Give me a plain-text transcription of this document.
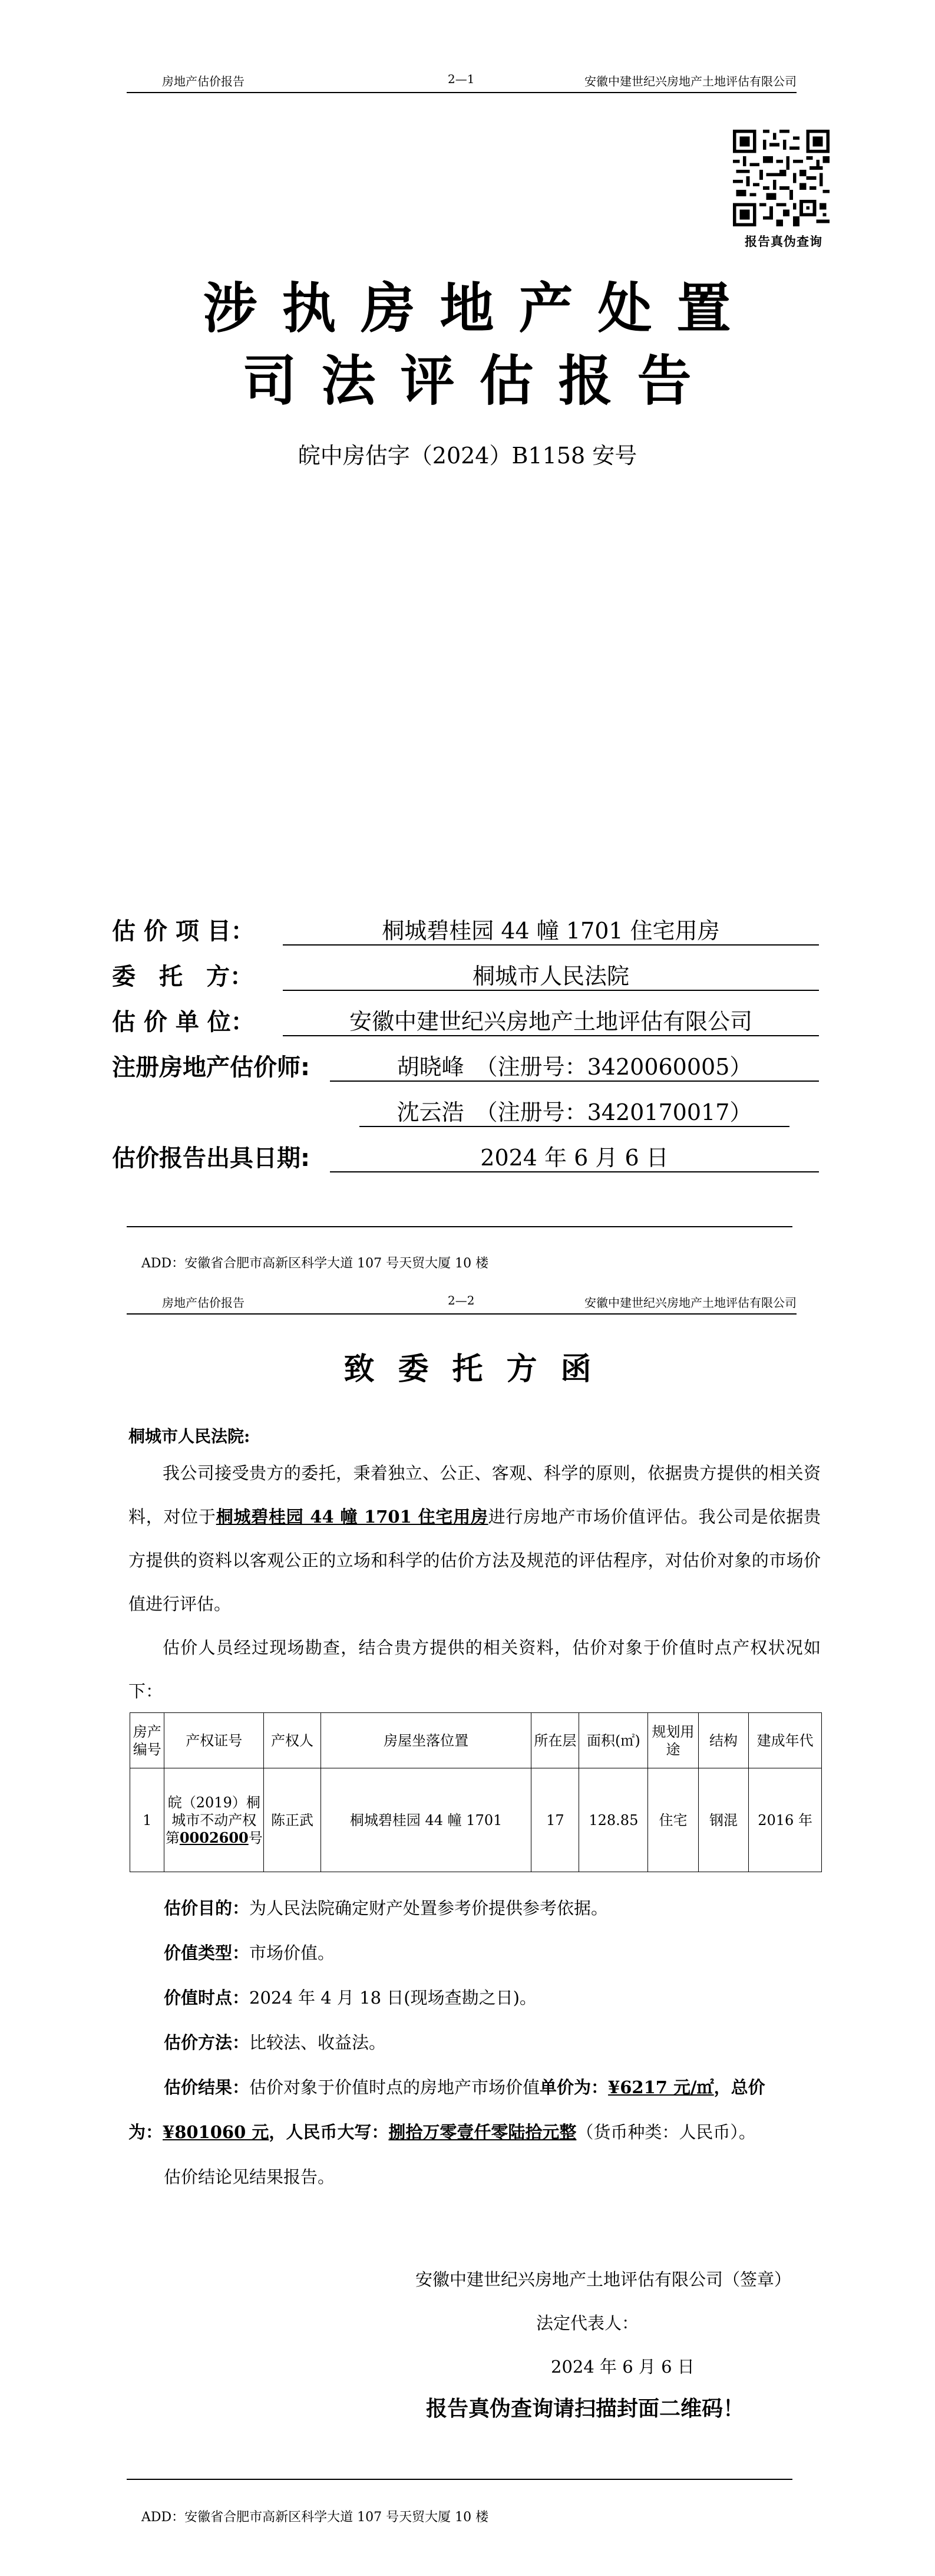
房地产估价报告	2—1	安徽中建世纪兴房地产土地评估有限公司
报告真伪查询
涉执房地产处置
司法评估报告
皖中房估字（2024）B1158 安号
估 价 项 目：	桐城碧桂园 44 幢 1701 住宅用房
委　托　方：	桐城市人民法院
估 价 单 位：	安徽中建世纪兴房地产土地评估有限公司
注册房地产估价师:	胡晓峰　（注册号：3420060005）
沈云浩　（注册号：3420170017）
估价报告出具日期:	2024 年 6 月 6 日
ADD：安徽省合肥市高新区科学大道 107 号天贸大厦 10 楼
房地产估价报告	2—2	安徽中建世纪兴房地产土地评估有限公司
致委托方函
桐城市人民法院:
我公司接受贵方的委托，秉着独立、公正、客观、科学的原则，依据贵方提供的相关资料，对位于桐城碧桂园 44 幢 1701 住宅用房进行房地产市场价值评估。我公司是依据贵方提供的资料以客观公正的立场和科学的估价方法及规范的评估程序，对估价对象的市场价值进行评估。
估价人员经过现场勘查，结合贵方提供的相关资料，估价对象于价值时点产权状况如下：
房产编号	产权证号	产权人	房屋坐落位置	所在层	面积(㎡)	规划用途	结构	建成年代
1	皖（2019）桐城市不动产权第0002600号	陈正武	桐城碧桂园 44 幢 1701	17	128.85	住宅	钢混	2016 年
估价目的：为人民法院确定财产处置参考价提供参考依据。
价值类型：市场价值。
价值时点：2024 年 4 月 18 日(现场查勘之日)。
估价方法：比较法、收益法。
估价结果：估价对象于价值时点的房地产市场价值单价为：¥6217 元/㎡，总价
为：¥801060 元，人民币大写：捌拾万零壹仟零陆拾元整（货币种类：人民币）。
估价结论见结果报告。
安徽中建世纪兴房地产土地评估有限公司（签章）
法定代表人：
2024 年 6 月 6 日
报告真伪查询请扫描封面二维码！
ADD：安徽省合肥市高新区科学大道 107 号天贸大厦 10 楼
